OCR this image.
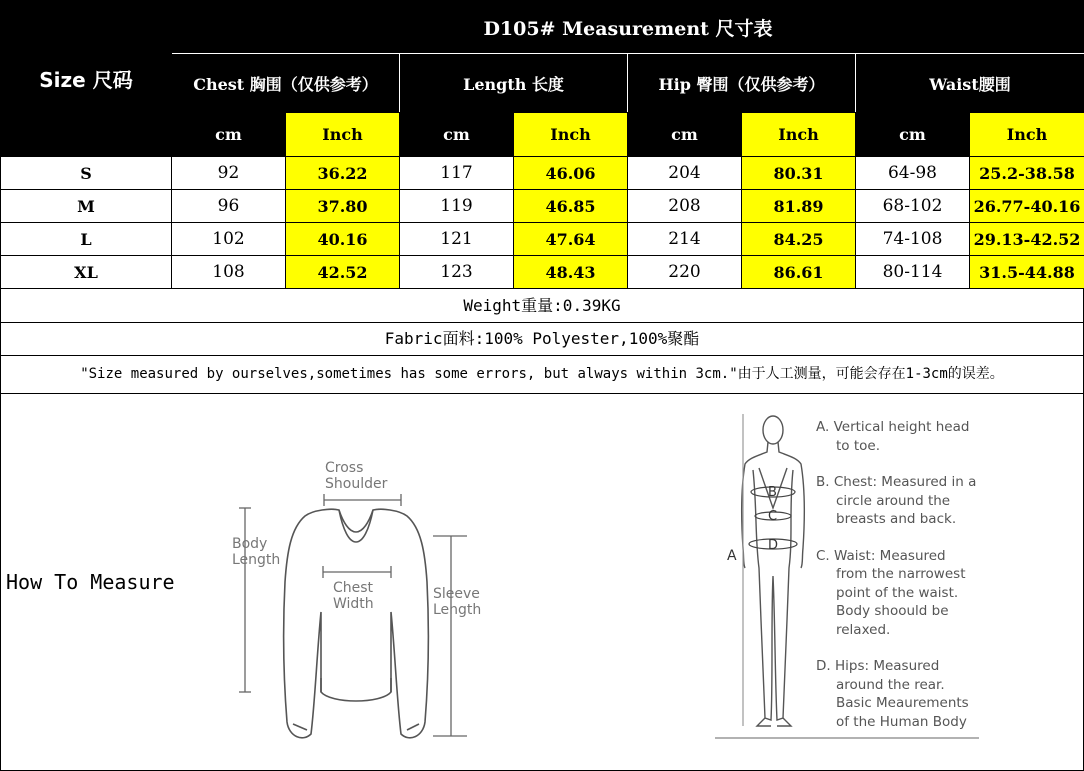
Size 尺码	D105# Measurement 尺寸表							
	Chest 胸围（仅供参考）		Length 长度		Hip 臀围（仅供参考）		Waist腰围	
	cm	Inch	cm	Inch	cm	Inch	cm	Inch
S	92	36.22	117	46.06	204	80.31	64-98	25.2-38.58
M	96	37.80	119	46.85	208	81.89	68-102	26.77-40.16
L	102	40.16	121	47.64	214	84.25	74-108	29.13-42.52
XL	108	42.52	123	48.43	220	86.61	80-114	31.5-44.88
Weight重量:0.39KG
Fabric面料:100% Polyester,100%聚酯
"Size measured by ourselves,sometimes has some errors, but always within 3cm."由于人工测量，可能会存在1-3cm的误差。
How To Measure
Cross
Shoulder
Body
Length
Chest
Width
Sleeve
Length
B
C
D
A
A. Vertical height head
to toe.
B. Chest: Measured in a
circle around the
breasts and back.
C. Waist: Measured
from the narrowest
point of the waist.
Body shoould be
relaxed.
D. Hips: Measured
around the rear.
Basic Meaurements
of the Human Body
